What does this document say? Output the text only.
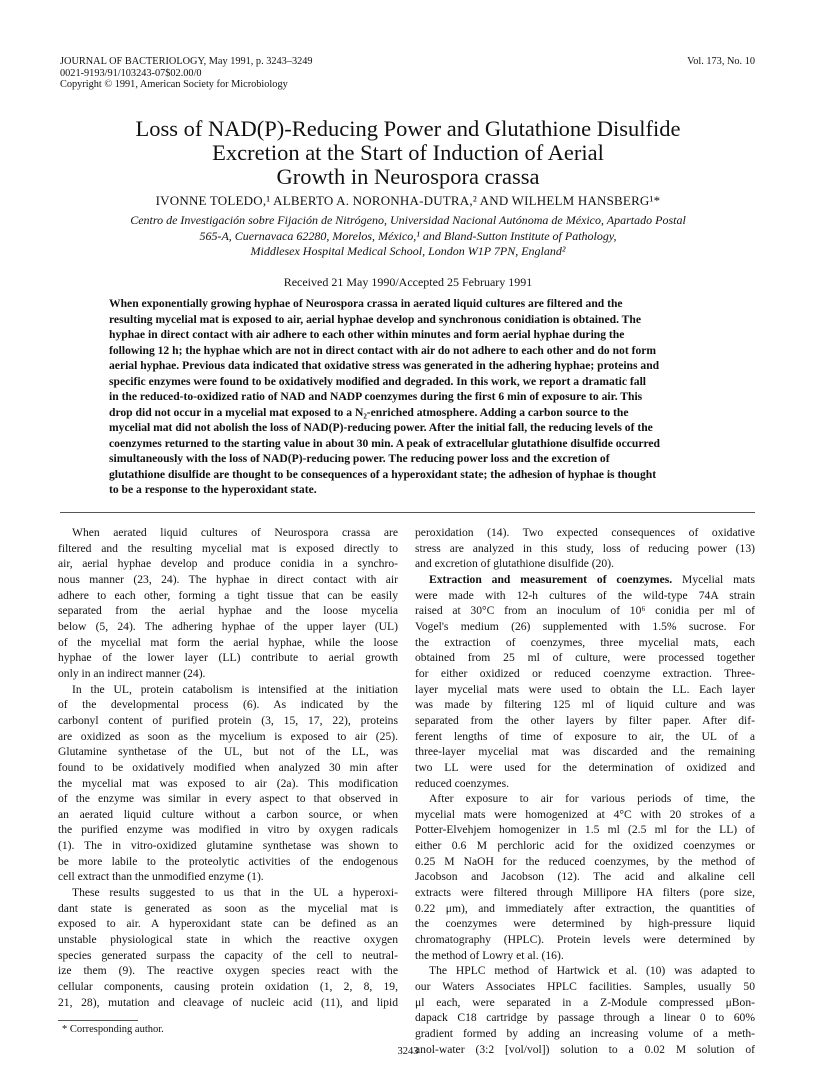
JOURNAL OF BACTERIOLOGY, May 1991, p. 3243–3249
0021-9193/91/103243-07$02.00/0
Copyright © 1991, American Society for Microbiology
Vol. 173, No. 10
Loss of NAD(P)-Reducing Power and Glutathione Disulfide
Excretion at the Start of Induction of Aerial
Growth in Neurospora crassa
IVONNE TOLEDO,¹ ALBERTO A. NORONHA-DUTRA,² AND WILHELM HANSBERG¹*
Centro de Investigación sobre Fijación de Nitrógeno, Universidad Nacional Autónoma de México, Apartado Postal
565-A, Cuernavaca 62280, Morelos, México,¹ and Bland-Sutton Institute of Pathology,
Middlesex Hospital Medical School, London W1P 7PN, England²
Received 21 May 1990/Accepted 25 February 1991
When exponentially growing hyphae of Neurospora crassa in aerated liquid cultures are filtered and the
resulting mycelial mat is exposed to air, aerial hyphae develop and synchronous conidiation is obtained. The
hyphae in direct contact with air adhere to each other within minutes and form aerial hyphae during the
following 12 h; the hyphae which are not in direct contact with air do not adhere to each other and do not form
aerial hyphae. Previous data indicated that oxidative stress was generated in the adhering hyphae; proteins and
specific enzymes were found to be oxidatively modified and degraded. In this work, we report a dramatic fall
in the reduced-to-oxidized ratio of NAD and NADP coenzymes during the first 6 min of exposure to air. This
drop did not occur in a mycelial mat exposed to a N₂-enriched atmosphere. Adding a carbon source to the
mycelial mat did not abolish the loss of NAD(P)-reducing power. After the initial fall, the reducing levels of the
coenzymes returned to the starting value in about 30 min. A peak of extracellular glutathione disulfide occurred
simultaneously with the loss of NAD(P)-reducing power. The reducing power loss and the excretion of
glutathione disulfide are thought to be consequences of a hyperoxidant state; the adhesion of hyphae is thought
to be a response to the hyperoxidant state.
When aerated liquid cultures of Neurospora crassa are
filtered and the resulting mycelial mat is exposed directly to
air, aerial hyphae develop and produce conidia in a synchro-
nous manner (23, 24). The hyphae in direct contact with air
adhere to each other, forming a tight tissue that can be easily
separated from the aerial hyphae and the loose mycelia
below (5, 24). The adhering hyphae of the upper layer (UL)
of the mycelial mat form the aerial hyphae, while the loose
hyphae of the lower layer (LL) contribute to aerial growth
only in an indirect manner (24).
In the UL, protein catabolism is intensified at the initiation
of the developmental process (6). As indicated by the
carbonyl content of purified protein (3, 15, 17, 22), proteins
are oxidized as soon as the mycelium is exposed to air (25).
Glutamine synthetase of the UL, but not of the LL, was
found to be oxidatively modified when analyzed 30 min after
the mycelial mat was exposed to air (2a). This modification
of the enzyme was similar in every aspect to that observed in
an aerated liquid culture without a carbon source, or when
the purified enzyme was modified in vitro by oxygen radicals
(1). The in vitro-oxidized glutamine synthetase was shown to
be more labile to the proteolytic activities of the endogenous
cell extract than the unmodified enzyme (1).
These results suggested to us that in the UL a hyperoxi-
dant state is generated as soon as the mycelial mat is
exposed to air. A hyperoxidant state can be defined as an
unstable physiological state in which the reactive oxygen
species generated surpass the capacity of the cell to neutral-
ize them (9). The reactive oxygen species react with the
cellular components, causing protein oxidation (1, 2, 8, 19,
21, 28), mutation and cleavage of nucleic acid (11), and lipid
peroxidation (14). Two expected consequences of oxidative
stress are analyzed in this study, loss of reducing power (13)
and excretion of glutathione disulfide (20).
Extraction and measurement of coenzymes. Mycelial mats
were made with 12-h cultures of the wild-type 74A strain
raised at 30°C from an inoculum of 10⁶ conidia per ml of
Vogel's medium (26) supplemented with 1.5% sucrose. For
the extraction of coenzymes, three mycelial mats, each
obtained from 25 ml of culture, were processed together
for either oxidized or reduced coenzyme extraction. Three-
layer mycelial mats were used to obtain the LL. Each layer
was made by filtering 125 ml of liquid culture and was
separated from the other layers by filter paper. After dif-
ferent lengths of time of exposure to air, the UL of a
three-layer mycelial mat was discarded and the remaining
two LL were used for the determination of oxidized and
reduced coenzymes.
After exposure to air for various periods of time, the
mycelial mats were homogenized at 4°C with 20 strokes of a
Potter-Elvehjem homogenizer in 1.5 ml (2.5 ml for the LL) of
either 0.6 M perchloric acid for the oxidized coenzymes or
0.25 M NaOH for the reduced coenzymes, by the method of
Jacobson and Jacobson (12). The acid and alkaline cell
extracts were filtered through Millipore HA filters (pore size,
0.22 μm), and immediately after extraction, the quantities of
the coenzymes were determined by high-pressure liquid
chromatography (HPLC). Protein levels were determined by
the method of Lowry et al. (16).
The HPLC method of Hartwick et al. (10) was adapted to
our Waters Associates HPLC facilities. Samples, usually 50
μl each, were separated in a Z-Module compressed μBon-
dapack C18 cartridge by passage through a linear 0 to 60%
gradient formed by adding an increasing volume of a meth-
anol-water (3:2 [vol/vol]) solution to a 0.02 M solution of
* Corresponding author.
3243
